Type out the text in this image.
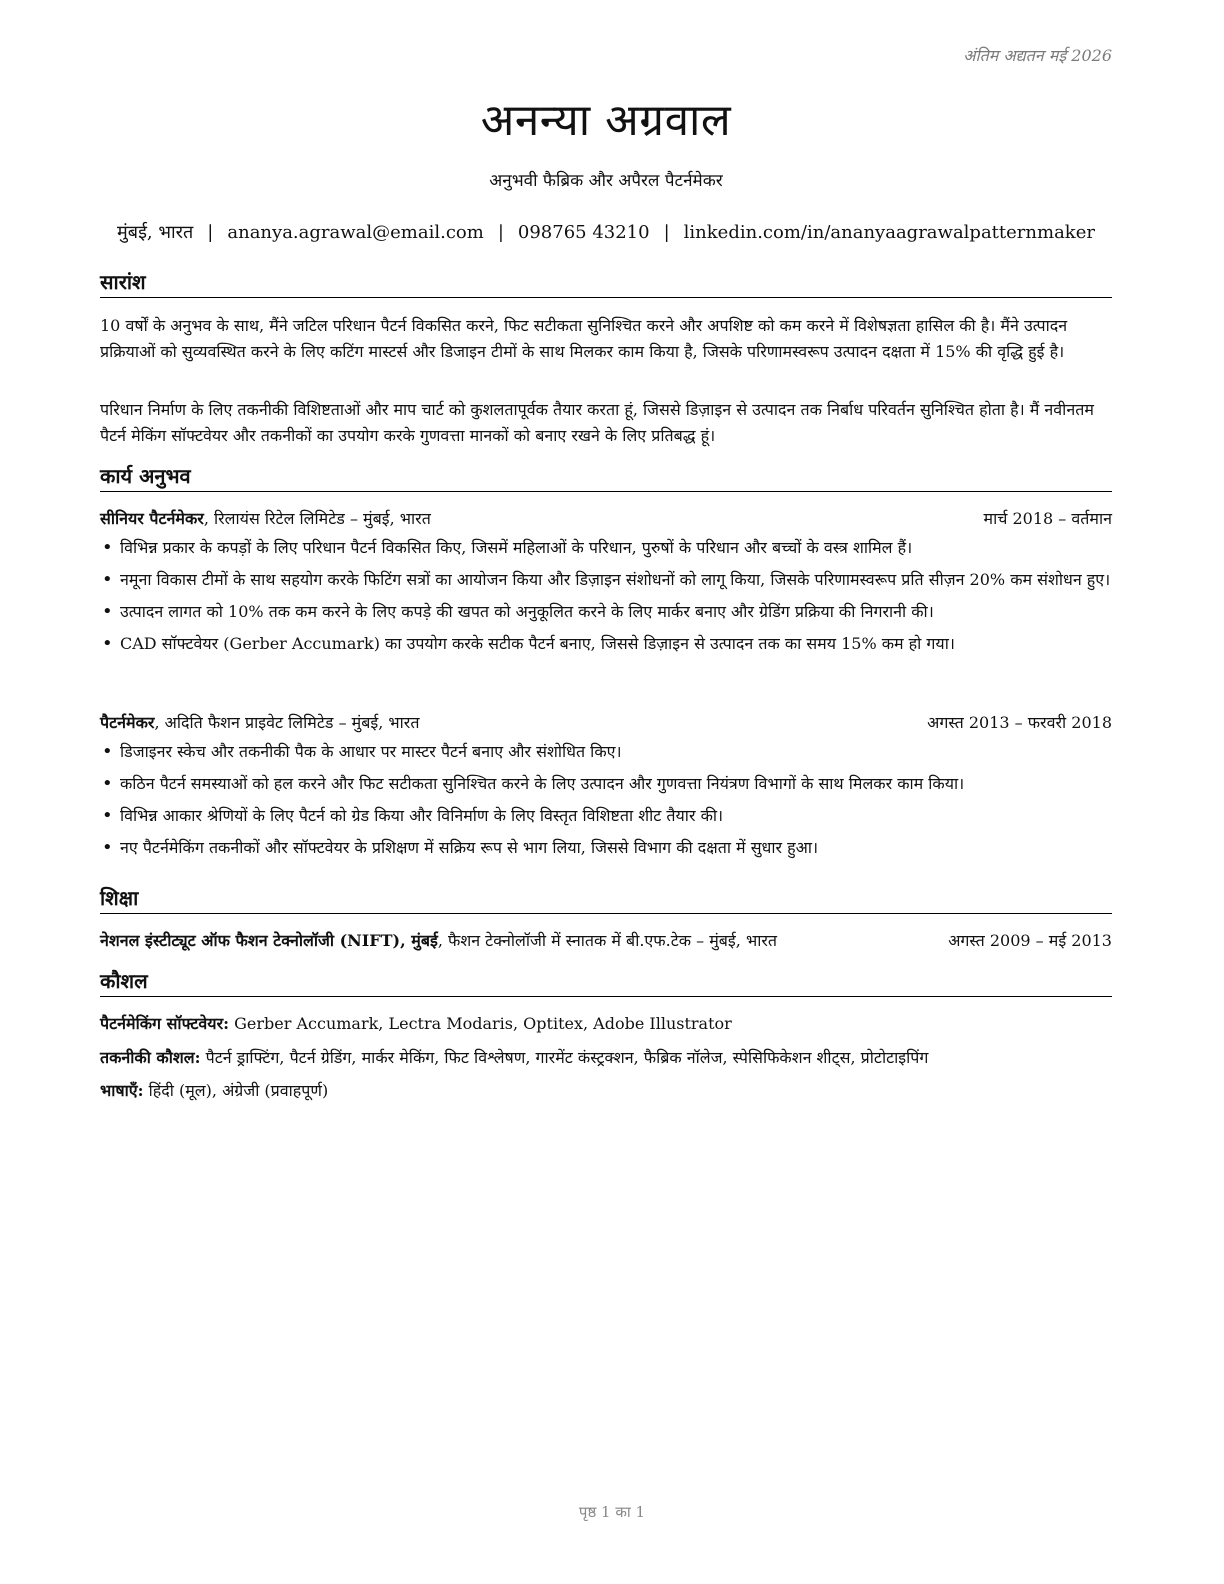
अंतिम अद्यतन मई 2026
अनन्या अग्रवाल
अनुभवी फैब्रिक और अपैरल पैटर्नमेकर
मुंबई, भारत | ananya.agrawal@email.com | 098765 43210 | linkedin.com/in/ananyaagrawalpatternmaker
सारांश
10 वर्षों के अनुभव के साथ, मैंने जटिल परिधान पैटर्न विकसित करने, फिट सटीकता सुनिश्चित करने और अपशिष्ट को कम करने में विशेषज्ञता हासिल की है। मैंने उत्पादन प्रक्रियाओं को सुव्यवस्थित करने के लिए कटिंग मास्टर्स और डिजाइन टीमों के साथ मिलकर काम किया है, जिसके परिणामस्वरूप उत्पादन दक्षता में 15% की वृद्धि हुई है।
परिधान निर्माण के लिए तकनीकी विशिष्टताओं और माप चार्ट को कुशलतापूर्वक तैयार करता हूं, जिससे डिज़ाइन से उत्पादन तक निर्बाध परिवर्तन सुनिश्चित होता है। मैं नवीनतम पैटर्न मेकिंग सॉफ्टवेयर और तकनीकों का उपयोग करके गुणवत्ता मानकों को बनाए रखने के लिए प्रतिबद्ध हूं।
कार्य अनुभव
सीनियर पैटर्नमेकर, रिलायंस रिटेल लिमिटेड – मुंबई, भारत	मार्च 2018 – वर्तमान
• विभिन्न प्रकार के कपड़ों के लिए परिधान पैटर्न विकसित किए, जिसमें महिलाओं के परिधान, पुरुषों के परिधान और बच्चों के वस्त्र शामिल हैं।
• नमूना विकास टीमों के साथ सहयोग करके फिटिंग सत्रों का आयोजन किया और डिज़ाइन संशोधनों को लागू किया, जिसके परिणामस्वरूप प्रति सीज़न 20% कम संशोधन हुए।
• उत्पादन लागत को 10% तक कम करने के लिए कपड़े की खपत को अनुकूलित करने के लिए मार्कर बनाए और ग्रेडिंग प्रक्रिया की निगरानी की।
• CAD सॉफ्टवेयर (Gerber Accumark) का उपयोग करके सटीक पैटर्न बनाए, जिससे डिज़ाइन से उत्पादन तक का समय 15% कम हो गया।
पैटर्नमेकर, अदिति फैशन प्राइवेट लिमिटेड – मुंबई, भारत	अगस्त 2013 – फरवरी 2018
• डिजाइनर स्केच और तकनीकी पैक के आधार पर मास्टर पैटर्न बनाए और संशोधित किए।
• कठिन पैटर्न समस्याओं को हल करने और फिट सटीकता सुनिश्चित करने के लिए उत्पादन और गुणवत्ता नियंत्रण विभागों के साथ मिलकर काम किया।
• विभिन्न आकार श्रेणियों के लिए पैटर्न को ग्रेड किया और विनिर्माण के लिए विस्तृत विशिष्टता शीट तैयार की।
• नए पैटर्नमेकिंग तकनीकों और सॉफ्टवेयर के प्रशिक्षण में सक्रिय रूप से भाग लिया, जिससे विभाग की दक्षता में सुधार हुआ।
शिक्षा
नेशनल इंस्टीट्यूट ऑफ फैशन टेक्नोलॉजी (NIFT), मुंबई, फैशन टेक्नोलॉजी में स्नातक में बी.एफ.टेक – मुंबई, भारत	अगस्त 2009 – मई 2013
कौशल
पैटर्नमेकिंग सॉफ्टवेयर: Gerber Accumark, Lectra Modaris, Optitex, Adobe Illustrator
तकनीकी कौशल: पैटर्न ड्राफ्टिंग, पैटर्न ग्रेडिंग, मार्कर मेकिंग, फिट विश्लेषण, गारमेंट कंस्ट्रक्शन, फैब्रिक नॉलेज, स्पेसिफिकेशन शीट्स, प्रोटोटाइपिंग
भाषाएँ: हिंदी (मूल), अंग्रेजी (प्रवाहपूर्ण)
पृष्ठ 1 का 1
